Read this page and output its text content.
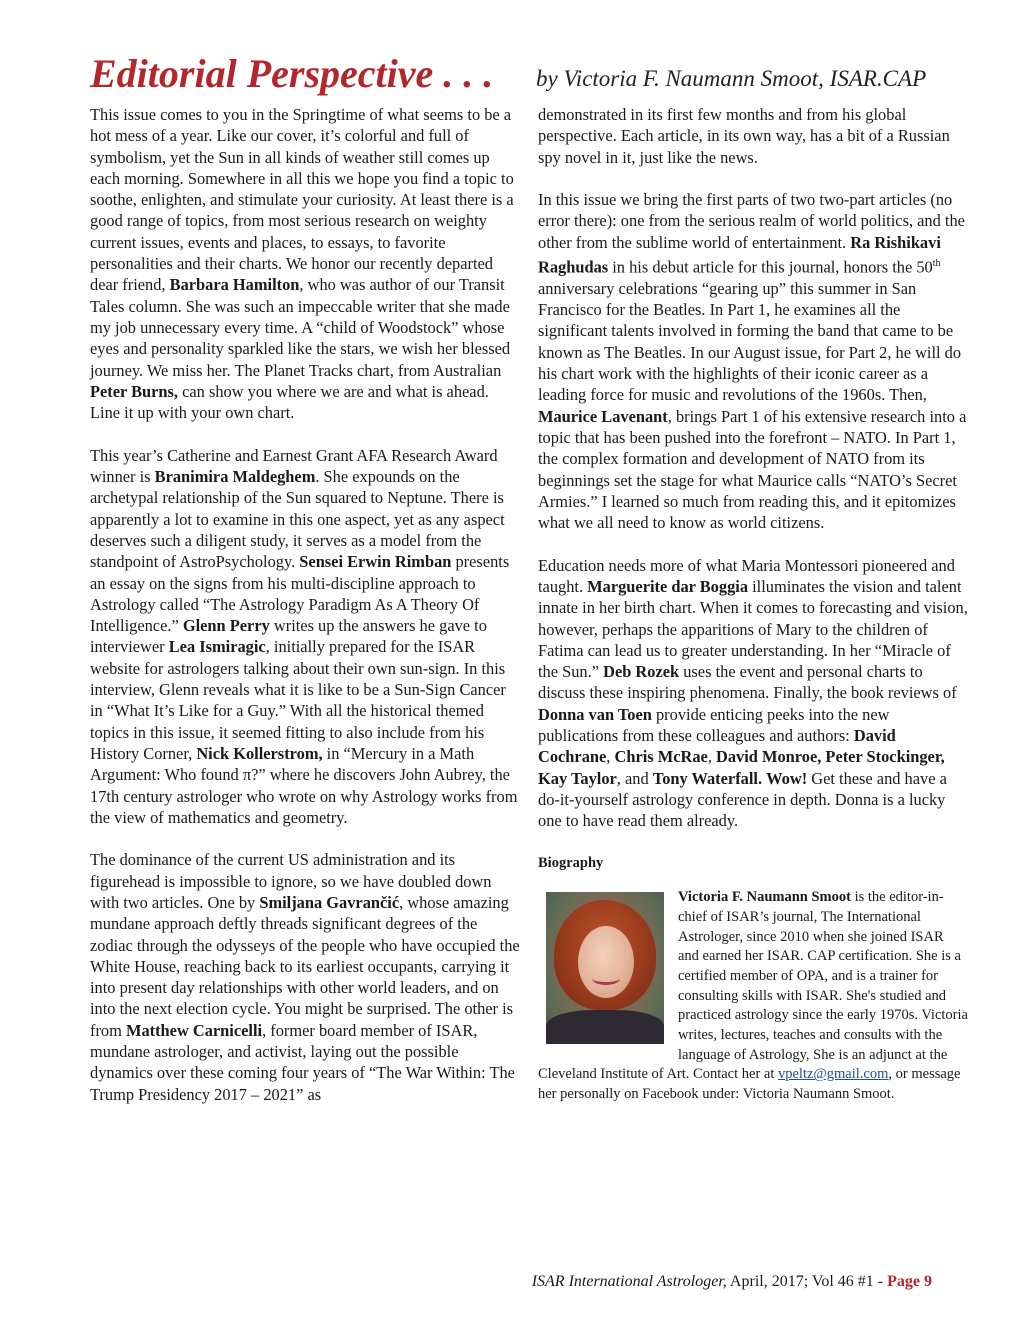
Editorial Perspective . . . by Victoria F. Naumann Smoot, ISAR.CAP

This issue comes to you in the Springtime of what seems to be a hot mess of a year. Like our cover, it’s colorful and full of symbolism, yet the Sun in all kinds of weather still comes up each morning. Somewhere in all this we hope you find a topic to soothe, enlighten, and stimulate your curiosity. At least there is a good range of topics, from most serious research on weighty current issues, events and places, to essays, to favorite personalities and their charts. We honor our recently departed dear friend, Barbara Hamilton, who was author of our Transit Tales column. She was such an impeccable writer that she made my job unnecessary every time. A “child of Woodstock” whose eyes and personality sparkled like the stars, we wish her blessed journey. We miss her. The Planet Tracks chart, from Australian Peter Burns, can show you where we are and what is ahead. Line it up with your own chart.

This year’s Catherine and Earnest Grant AFA Research Award winner is Branimira Maldeghem. She expounds on the archetypal relationship of the Sun squared to Neptune. There is apparently a lot to examine in this one aspect, yet as any aspect deserves such a diligent study, it serves as a model from the standpoint of AstroPsychology. Sensei Erwin Rimban presents an essay on the signs from his multi-discipline approach to Astrology called “The Astrology Paradigm As A Theory Of Intelligence.” Glenn Perry writes up the answers he gave to interviewer Lea Ismiragic, initially prepared for the ISAR website for astrologers talking about their own sun-sign. In this interview, Glenn reveals what it is like to be a Sun-Sign Cancer in “What It’s Like for a Guy.” With all the historical themed topics in this issue, it seemed fitting to also include from his History Corner, Nick Kollerstrom, in “Mercury in a Math Argument: Who found π?” where he discovers John Aubrey, the 17th century astrologer who wrote on why Astrology works from the view of mathematics and geometry.

The dominance of the current US administration and its figurehead is impossible to ignore, so we have doubled down with two articles. One by Smiljana Gavrančić, whose amazing mundane approach deftly threads significant degrees of the zodiac through the odysseys of the people who have occupied the White House, reaching back to its earliest occupants, carrying it into present day relationships with other world leaders, and on into the next election cycle. You might be surprised. The other is from Matthew Carnicelli, former board member of ISAR, mundane astrologer, and activist, laying out the possible dynamics over these coming four years of “The War Within: The Trump Presidency 2017 – 2021” as

demonstrated in its first few months and from his global perspective. Each article, in its own way, has a bit of a Russian spy novel in it, just like the news.

In this issue we bring the first parts of two two-part articles (no error there): one from the serious realm of world politics, and the other from the sublime world of entertainment. Ra Rishikavi Raghudas in his debut article for this journal, honors the 50th anniversary celebrations “gearing up” this summer in San Francisco for the Beatles. In Part 1, he examines all the significant talents involved in forming the band that came to be known as The Beatles. In our August issue, for Part 2, he will do his chart work with the highlights of their iconic career as a leading force for music and revolutions of the 1960s. Then, Maurice Lavenant, brings Part 1 of his extensive research into a topic that has been pushed into the forefront – NATO. In Part 1, the complex formation and development of NATO from its beginnings set the stage for what Maurice calls “NATO’s Secret Armies.” I learned so much from reading this, and it epitomizes what we all need to know as world citizens.

Education needs more of what Maria Montessori pioneered and taught. Marguerite dar Boggia illuminates the vision and talent innate in her birth chart. When it comes to forecasting and vision, however, perhaps the apparitions of Mary to the children of Fatima can lead us to greater understanding. In her “Miracle of the Sun.” Deb Rozek uses the event and personal charts to discuss these inspiring phenomena. Finally, the book reviews of Donna van Toen provide enticing peeks into the new publications from these colleagues and authors: David Cochrane, Chris McRae, David Monroe, Peter Stockinger, Kay Taylor, and Tony Waterfall. Wow! Get these and have a do-it-yourself astrology conference in depth. Donna is a lucky one to have read them already.

Biography
Victoria F. Naumann Smoot is the editor-in-chief of ISAR’s journal, The International Astrologer, since 2010 when she joined ISAR and earned her ISAR. CAP certification. She is a certified member of OPA, and is a trainer for consulting skills with ISAR. She's studied and practiced astrology since the early 1970s. Victoria writes, lectures, teaches and consults with the language of Astrology, She is an adjunct at the Cleveland Institute of Art. Contact her at vpeltz@gmail.com, or message her personally on Facebook under: Victoria Naumann Smoot.
ISAR International Astrologer, April, 2017; Vol 46 #1 - Page 9
